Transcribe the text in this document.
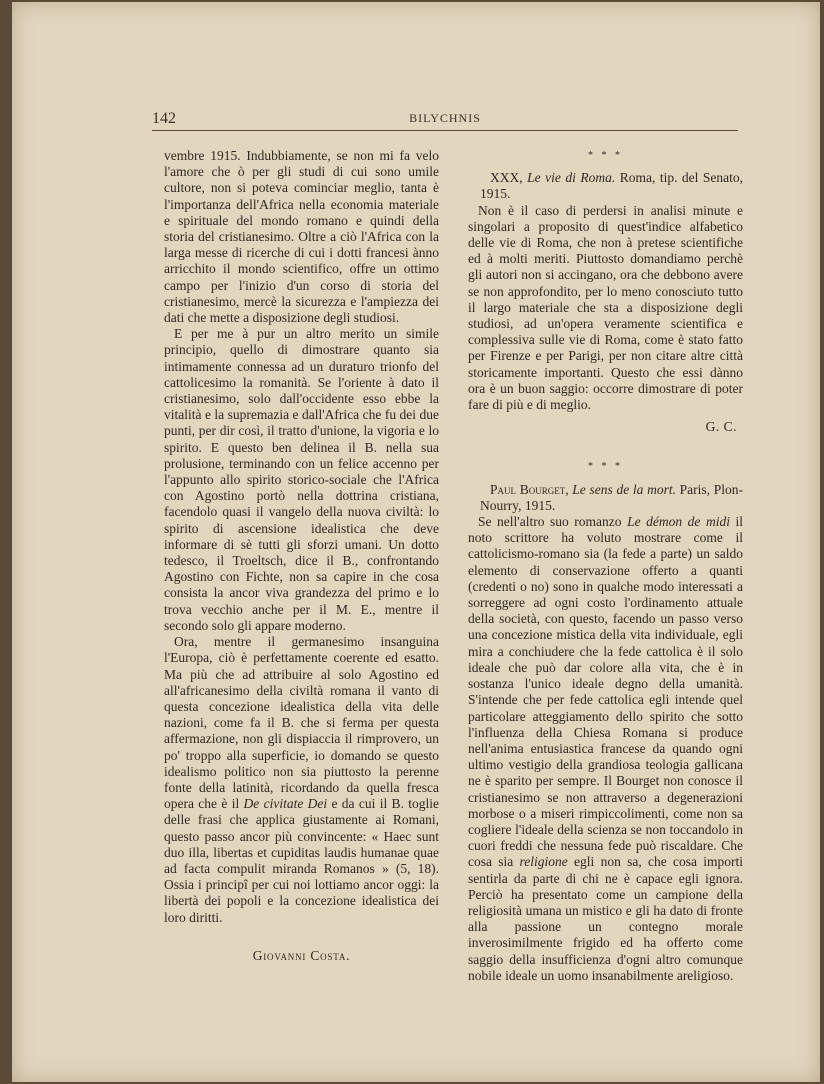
142	BILYCHNIS

vembre 1915. Indubbiamente, se non mi fa velo l'amore che ò per gli studi di cui sono umile cultore, non si poteva cominciar meglio, tanta è l'importanza dell'Africa nella economia materiale e spirituale del mondo romano e quindi della storia del cristianesimo. Oltre a ciò l'Africa con la larga messe di ricerche di cui i dotti francesi ànno arricchito il mondo scientifico, offre un ottimo campo per l'inizio d'un corso di storia del cristianesimo, mercè la sicurezza e l'ampiezza dei dati che mette a disposizione degli studiosi.

E per me à pur un altro merito un simile principio, quello di dimostrare quanto sia intimamente connessa ad un duraturo trionfo del cattolicesimo la romanità. Se l'oriente à dato il cristianesimo, solo dall'occidente esso ebbe la vitalità e la supremazia e dall'Africa che fu dei due punti, per dir così, il tratto d'unione, la vigoria e lo spirito. E questo ben delinea il B. nella sua prolusione, terminando con un felice accenno per l'appunto allo spirito storico-sociale che l'Africa con Agostino portò nella dottrina cristiana, facendolo quasi il vangelo della nuova civiltà: lo spirito di ascensione idealistica che deve informare di sè tutti gli sforzi umani. Un dotto tedesco, il Troeltsch, dice il B., confrontando Agostino con Fichte, non sa capire in che cosa consista la ancor viva grandezza del primo e lo trova vecchio anche per il M. E., mentre il secondo solo gli appare moderno.

Ora, mentre il germanesimo insanguina l'Europa, ciò è perfettamente coerente ed esatto. Ma più che ad attribuire al solo Agostino ed all'africanesimo della civiltà romana il vanto di questa concezione idealistica della vita delle nazioni, come fa il B. che si ferma per questa affermazione, non gli dispiaccia il rimprovero, un po' troppo alla superficie, io domando se questo idealismo politico non sia piuttosto la perenne fonte della latinità, ricordando da quella fresca opera che è il De civitate Dei e da cui il B. toglie delle frasi che applica giustamente ai Romani, questo passo ancor più convincente: « Haec sunt duo illa, libertas et cupiditas laudis humanae quae ad facta compulit miranda Romanos » (5, 18). Ossia i principî per cui noi lottiamo ancor oggi: la libertà dei popoli e la concezione idealistica dei loro diritti.

Giovanni Costa.
* * *

XXX, Le vie di Roma. Roma, tip. del Senato, 1915.

Non è il caso di perdersi in analisi minute e singolari a proposito di quest'indice alfabetico delle vie di Roma, che non à pretese scientifiche ed à molti meriti. Piuttosto domandiamo perchè gli autori non si accingano, ora che debbono avere se non approfondito, per lo meno conosciuto tutto il largo materiale che sta a disposizione degli studiosi, ad un'opera veramente scientifica e complessiva sulle vie di Roma, come è stato fatto per Firenze e per Parigi, per non citare altre città storicamente importanti. Questo che essi dànno ora è un buon saggio: occorre dimostrare di poter fare di più e di meglio.

G. C.
* * *

Paul Bourget, Le sens de la mort. Paris, Plon-Nourry, 1915.

Se nell'altro suo romanzo Le démon de midi il noto scrittore ha voluto mostrare come il cattolicismo-romano sia (la fede a parte) un saldo elemento di conservazione offerto a quanti (credenti o no) sono in qualche modo interessati a sorreggere ad ogni costo l'ordinamento attuale della società, con questo, facendo un passo verso una concezione mistica della vita individuale, egli mira a conchiudere che la fede cattolica è il solo ideale che può dar colore alla vita, che è in sostanza l'unico ideale degno della umanità. S'intende che per fede cattolica egli intende quel particolare atteggiamento dello spirito che sotto l'influenza della Chiesa Romana si produce nell'anima entusiastica francese da quando ogni ultimo vestigio della grandiosa teologia gallicana ne è sparito per sempre. Il Bourget non conosce il cristianesimo se non attraverso a degenerazioni morbose o a miseri rimpiccolimenti, come non sa cogliere l'ideale della scienza se non toccandolo in cuori freddi che nessuna fede può riscaldare. Che cosa sia religione egli non sa, che cosa importi sentirla da parte di chi ne è capace egli ignora. Perciò ha presentato come un campione della religiosità umana un mistico e gli ha dato di fronte alla passione un contegno morale inverosimilmente frigido ed ha offerto come saggio della insufficienza d'ogni altro comunque nobile ideale un uomo insanabilmente areligioso.
